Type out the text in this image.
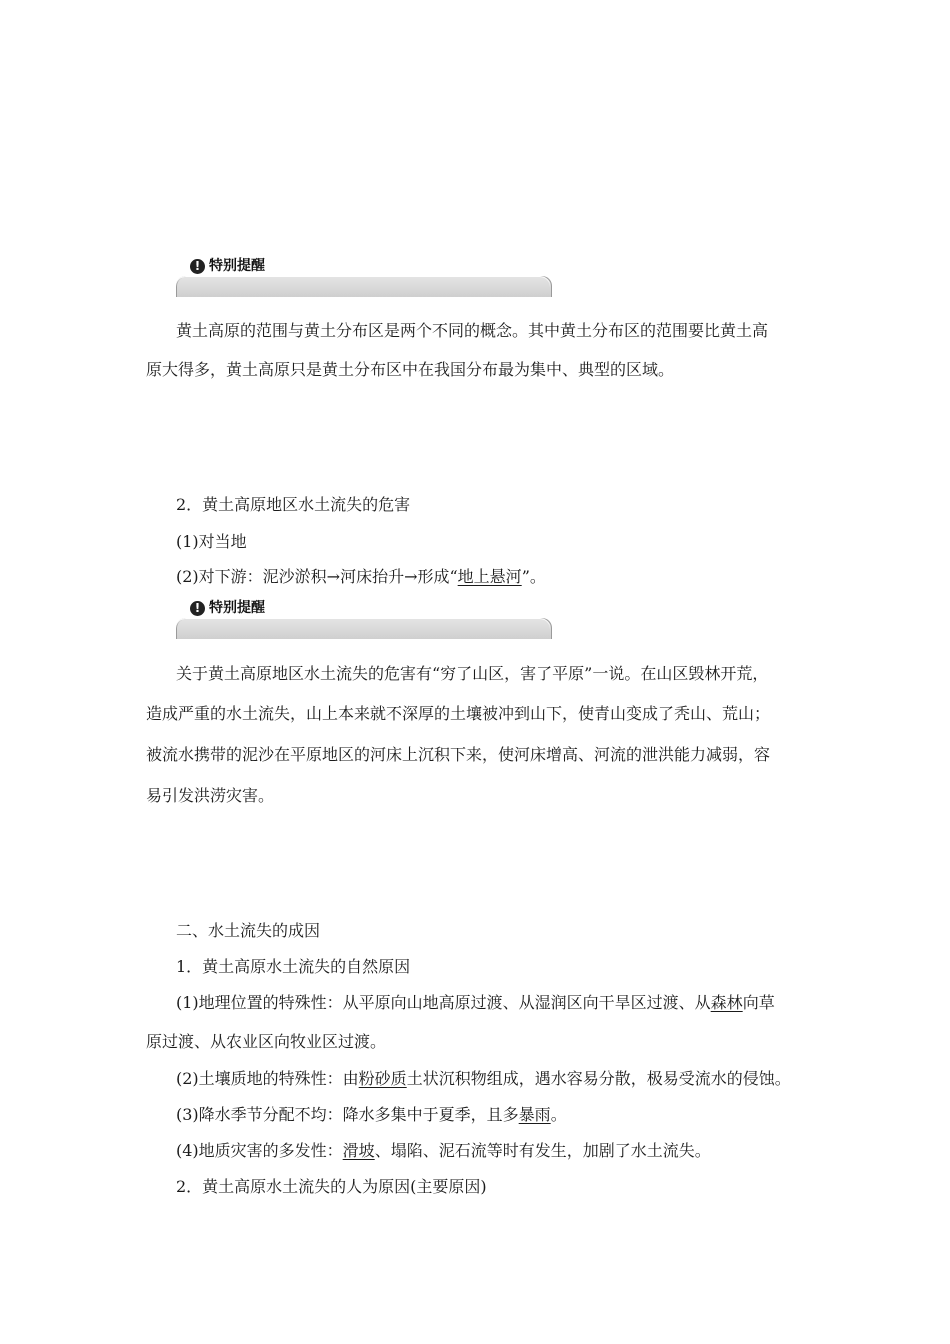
! 特别提醒
黄土高原的范围与黄土分布区是两个不同的概念。其中黄土分布区的范围要比黄土高
原大得多，黄土高原只是黄土分布区中在我国分布最为集中、典型的区域。
2．黄土高原地区水土流失的危害
(1)对当地
(2)对下游：泥沙淤积→河床抬升→形成“地上悬河”。
! 特别提醒
关于黄土高原地区水土流失的危害有“穷了山区，害了平原”一说。在山区毁林开荒，
造成严重的水土流失，山上本来就不深厚的土壤被冲到山下，使青山变成了秃山、荒山；
被流水携带的泥沙在平原地区的河床上沉积下来，使河床增高、河流的泄洪能力减弱，容
易引发洪涝灾害。
二、水土流失的成因
1．黄土高原水土流失的自然原因
(1)地理位置的特殊性：从平原向山地高原过渡、从湿润区向干旱区过渡、从森林向草
原过渡、从农业区向牧业区过渡。
(2)土壤质地的特殊性：由粉砂质土状沉积物组成，遇水容易分散，极易受流水的侵蚀。
(3)降水季节分配不均：降水多集中于夏季，且多暴雨。
(4)地质灾害的多发性：滑坡、塌陷、泥石流等时有发生，加剧了水土流失。
2．黄土高原水土流失的人为原因(主要原因)
